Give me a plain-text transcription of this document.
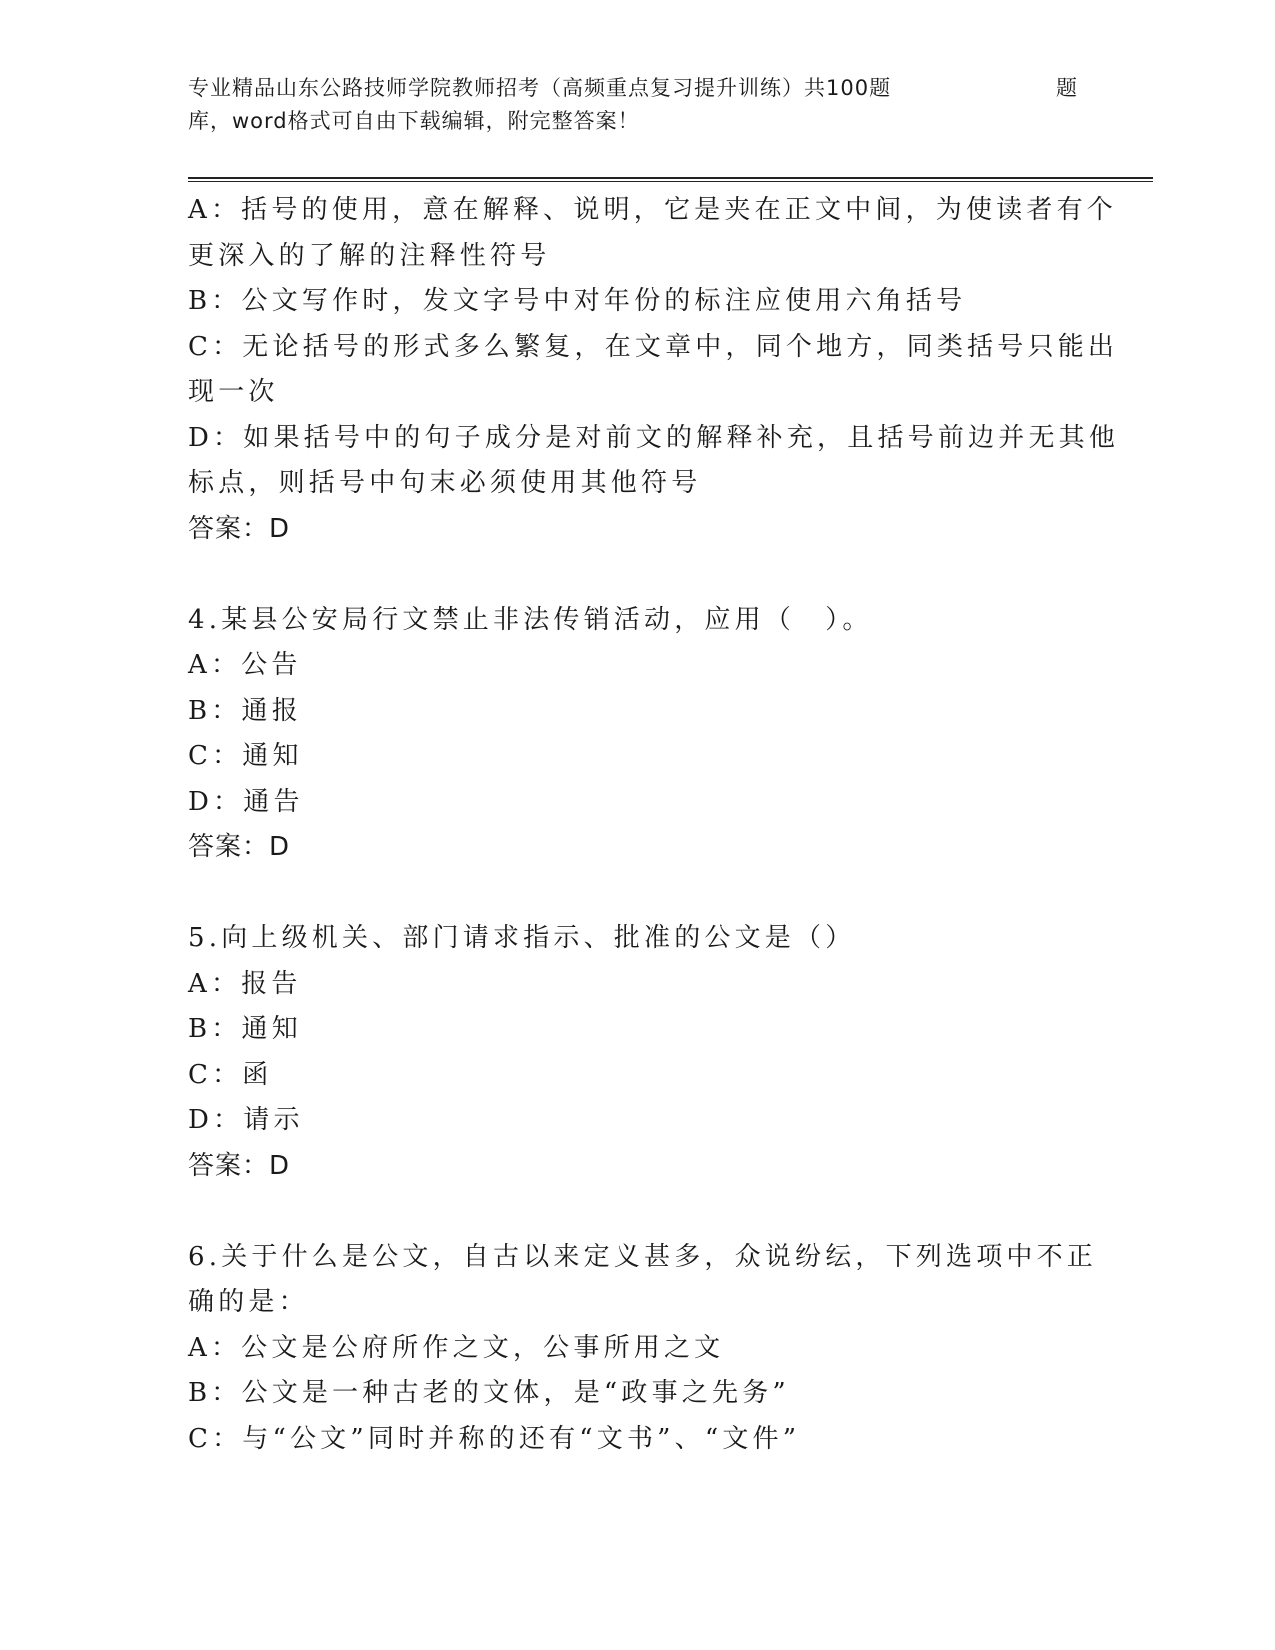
专业精品山东公路技师学院教师招考（高频重点复习提升训练）共100题	题
库，word格式可自由下载编辑，附完整答案！
A：括号的使用，意在解释、说明，它是夹在正文中间，为使读者有个
更深入的了解的注释性符号
B：公文写作时，发文字号中对年份的标注应使用六角括号
C：无论括号的形式多么繁复，在文章中，同个地方，同类括号只能出
现一次
D：如果括号中的句子成分是对前文的解释补充，且括号前边并无其他
标点，则括号中句末必须使用其他符号
答案：D
4.某县公安局行文禁止非法传销活动，应用（　）。
A：公告
B：通报
C：通知
D：通告
答案：D
5.向上级机关、部门请求指示、批准的公文是（）
A：报告
B：通知
C：函
D：请示
答案：D
6.关于什么是公文，自古以来定义甚多，众说纷纭，下列选项中不正
确的是：
A：公文是公府所作之文，公事所用之文
B：公文是一种古老的文体，是“政事之先务”
C：与“公文”同时并称的还有“文书”、“文件”
